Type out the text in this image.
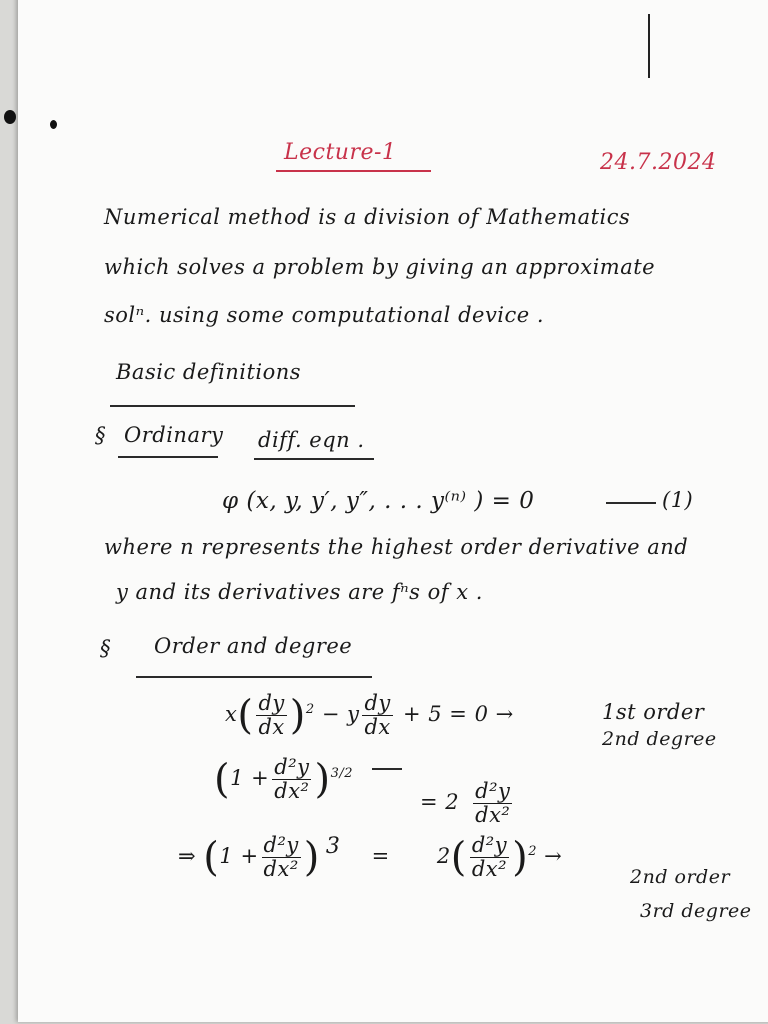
Lecture-1	24.7.2024
Numerical method is a division of Mathematics
which solves a problem by giving an approximate
solⁿ. using some computational device .
Basic definitions
§ Ordinary diff. eqn .
φ (x, y, y′, y″, . . . y⁽ⁿ⁾ ) = 0	(1)
where n represents the highest order derivative and
y and its derivatives are fⁿs of x .
§ Order and degree
$x( \frac{dy}{dx} )^2 - y \frac{dy}{dx} + 5 = 0$ →	1st order
2nd degree
$(1 + \frac{\text{d²y}}{\text{dx²}} )^{3/2}$
= $2 \frac{\text{d²y}}{\text{dx²}}$
⇒ ($1 + \frac{\text{d²y}}{\text{dx²}}$ ) $3 = 2( \frac{\text{d²y}}{\text{dx²}} )^2$ →
2nd order
3rd degree
